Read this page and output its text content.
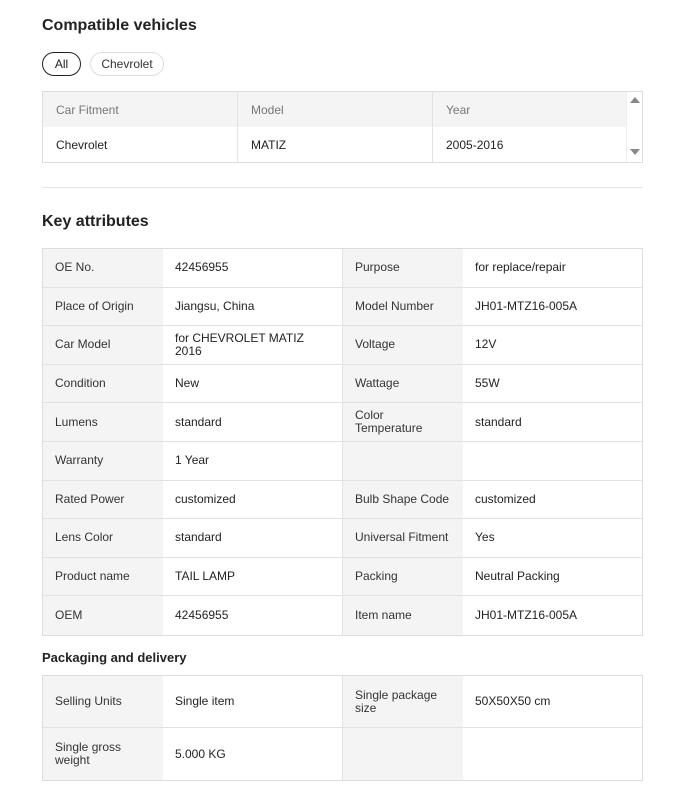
Compatible vehicles
All	Chevrolet
Car Fitment	Model	Year
Chevrolet	MATIZ	2005-2016
Key attributes
OE No.	42456955	Purpose	for replace/repair
Place of Origin	Jiangsu, China	Model Number	JH01-MTZ16-005A
Car Model	for CHEVROLET MATIZ 2016	Voltage	12V
Condition	New	Wattage	55W
Lumens	standard	Color Temperature	standard
Warranty	1 Year
Rated Power	customized	Bulb Shape Code	customized
Lens Color	standard	Universal Fitment	Yes
Product name	TAIL LAMP	Packing	Neutral Packing
OEM	42456955	Item name	JH01-MTZ16-005A
Packaging and delivery
Selling Units	Single item	Single package size	50X50X50 cm
Single gross weight	5.000 KG
